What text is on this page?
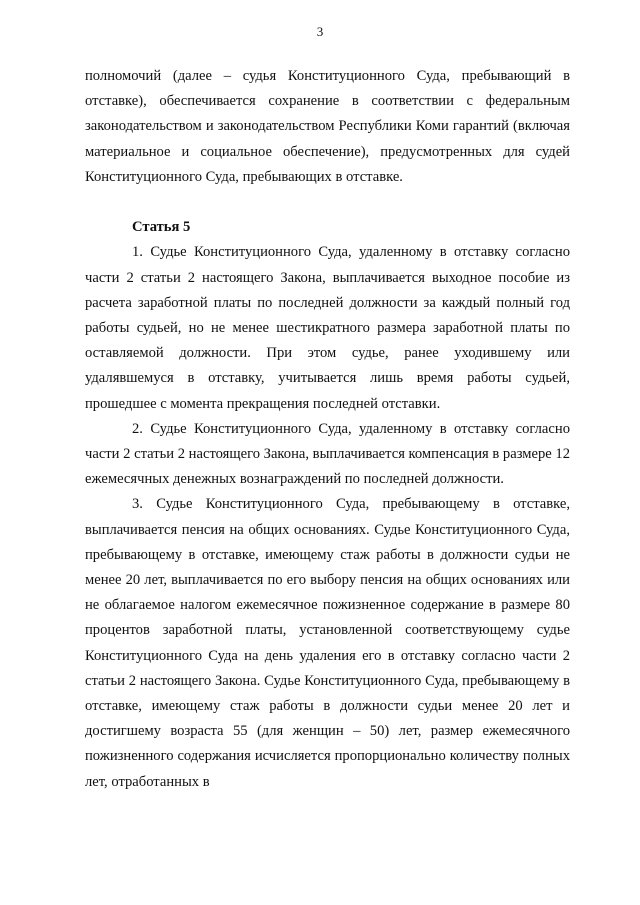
3

полномочий (далее – судья Конституционного Суда, пребывающий в отставке), обеспечивается сохранение в соответствии с федеральным законодательством и законодательством Республики Коми гарантий (включая материальное и социальное обеспечение), предусмотренных для судей Конституционного Суда, пребывающих в отставке.

Статья 5

1. Судье Конституционного Суда, удаленному в отставку согласно части 2 статьи 2 настоящего Закона, выплачивается выходное пособие из расчета заработной платы по последней должности за каждый полный год работы судьей, но не менее шестикратного размера заработной платы по оставляемой должности. При этом судье, ранее уходившему или удалявшемуся в отставку, учитывается лишь время работы судьей, прошедшее с момента прекращения последней отставки.

2. Судье Конституционного Суда, удаленному в отставку согласно части 2 статьи 2 настоящего Закона, выплачивается компенсация в размере 12 ежемесячных денежных вознаграждений по последней должности.

3. Судье Конституционного Суда, пребывающему в отставке, выплачивается пенсия на общих основаниях. Судье Конституционного Суда, пребывающему в отставке, имеющему стаж работы в должности судьи не менее 20 лет, выплачивается по его выбору пенсия на общих основаниях или не облагаемое налогом ежемесячное пожизненное содержание в размере 80 процентов заработной платы, установленной соответствующему судье Конституционного Суда на день удаления его в отставку согласно части 2 статьи 2 настоящего Закона. Судье Конституционного Суда, пребывающему в отставке, имеющему стаж работы в должности судьи менее 20 лет и достигшему возраста 55 (для женщин – 50) лет, размер ежемесячного пожизненного содержания исчисляется пропорционально количеству полных лет, отработанных в
